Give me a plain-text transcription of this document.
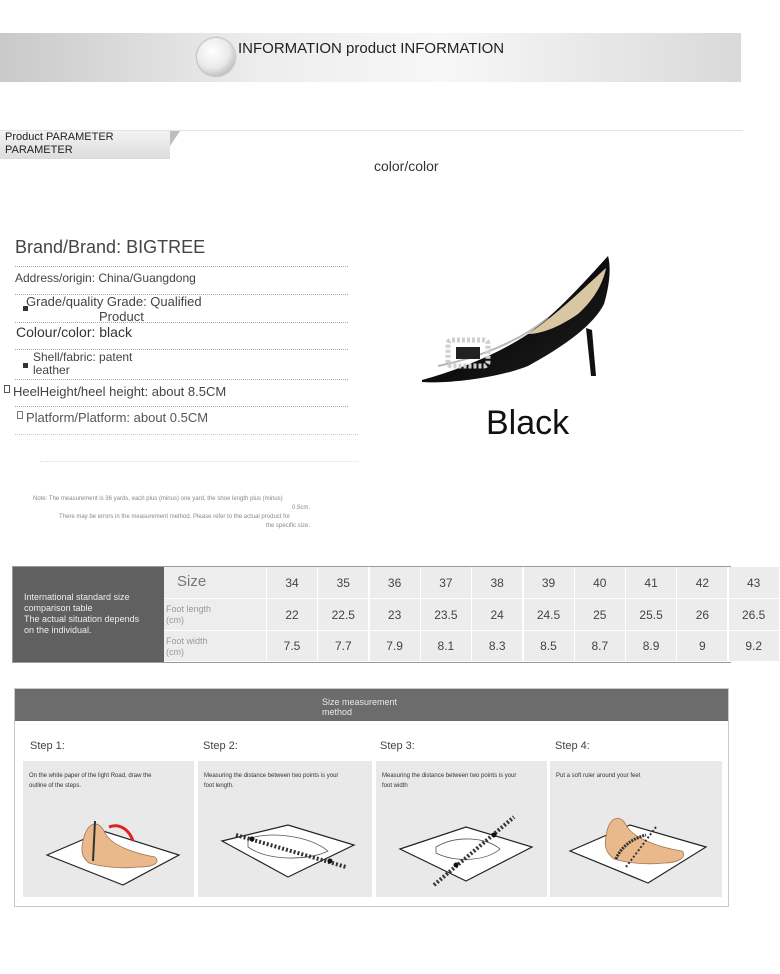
INFORMATION product INFORMATION
Product PARAMETER
PARAMETER
color/color
Brand/Brand: BIGTREE
Address/origin: China/Guangdong
Grade/quality Grade: Qualified
Product
Colour/color: black
Shell/fabric: patent
leather
HeelHeight/heel height: about 8.5CM
Platform/Platform: about 0.5CM
Note: The measurement is 36 yards, each plus (minus) one yard, the shoe length plus (minus)
0.5cm.
There may be errors in the measurement method. Please refer to the actual product for
the specific size.
Black
International standard size
comparison table
The actual situation depends
on the individual.
Size
Foot length
(cm)
Foot width
(cm)
34	35	36	37	38	39	40	41	42	43
22	22.5	23	23.5	24	24.5	25	25.5	26	26.5
7.5	7.7	7.9	8.1	8.3	8.5	8.7	8.9	9	9.2
Size measurement
method
Step 1:
On the white paper of the light Road, draw the
outline of the steps.
Step 2:
Measuring the distance between two points is your
foot length.
Step 3:
Measuring the distance between two points is your
foot width
Step 4:
Put a soft ruler around your feet
